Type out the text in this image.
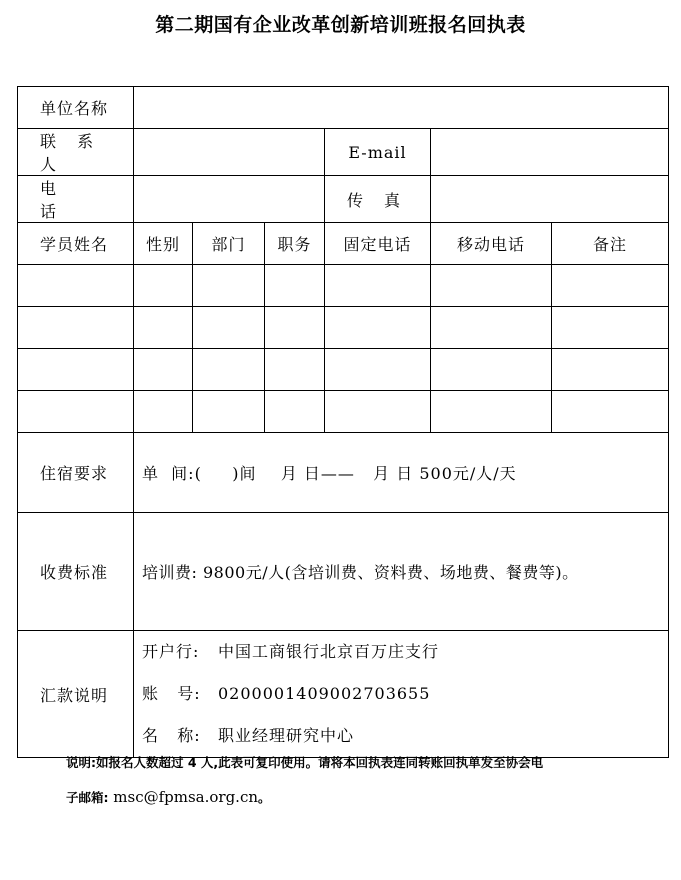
第二期国有企业改革创新培训班报名回执表
单位名称						
联 系 人				E-mail		
电 话				传 真		
学员姓名	性别	部门	职务	固定电话	移动电话	备注

住宿要求	单  间:(     )间    月 日——   月 日 500元/人/天					
收费标准	培训费: 9800元/人(含培训费、资料费、场地费、餐费等)。					
汇款说明	开户行: 中国工商银行北京百万庄支行
账   号: 0200001409002703655
名   称: 职业经理研究中心					
说明:如报名人数超过 4 人,此表可复印使用。请将本回执表连同转账回执单发至协会电
子邮箱: msc@fpmsa.org.cn。
